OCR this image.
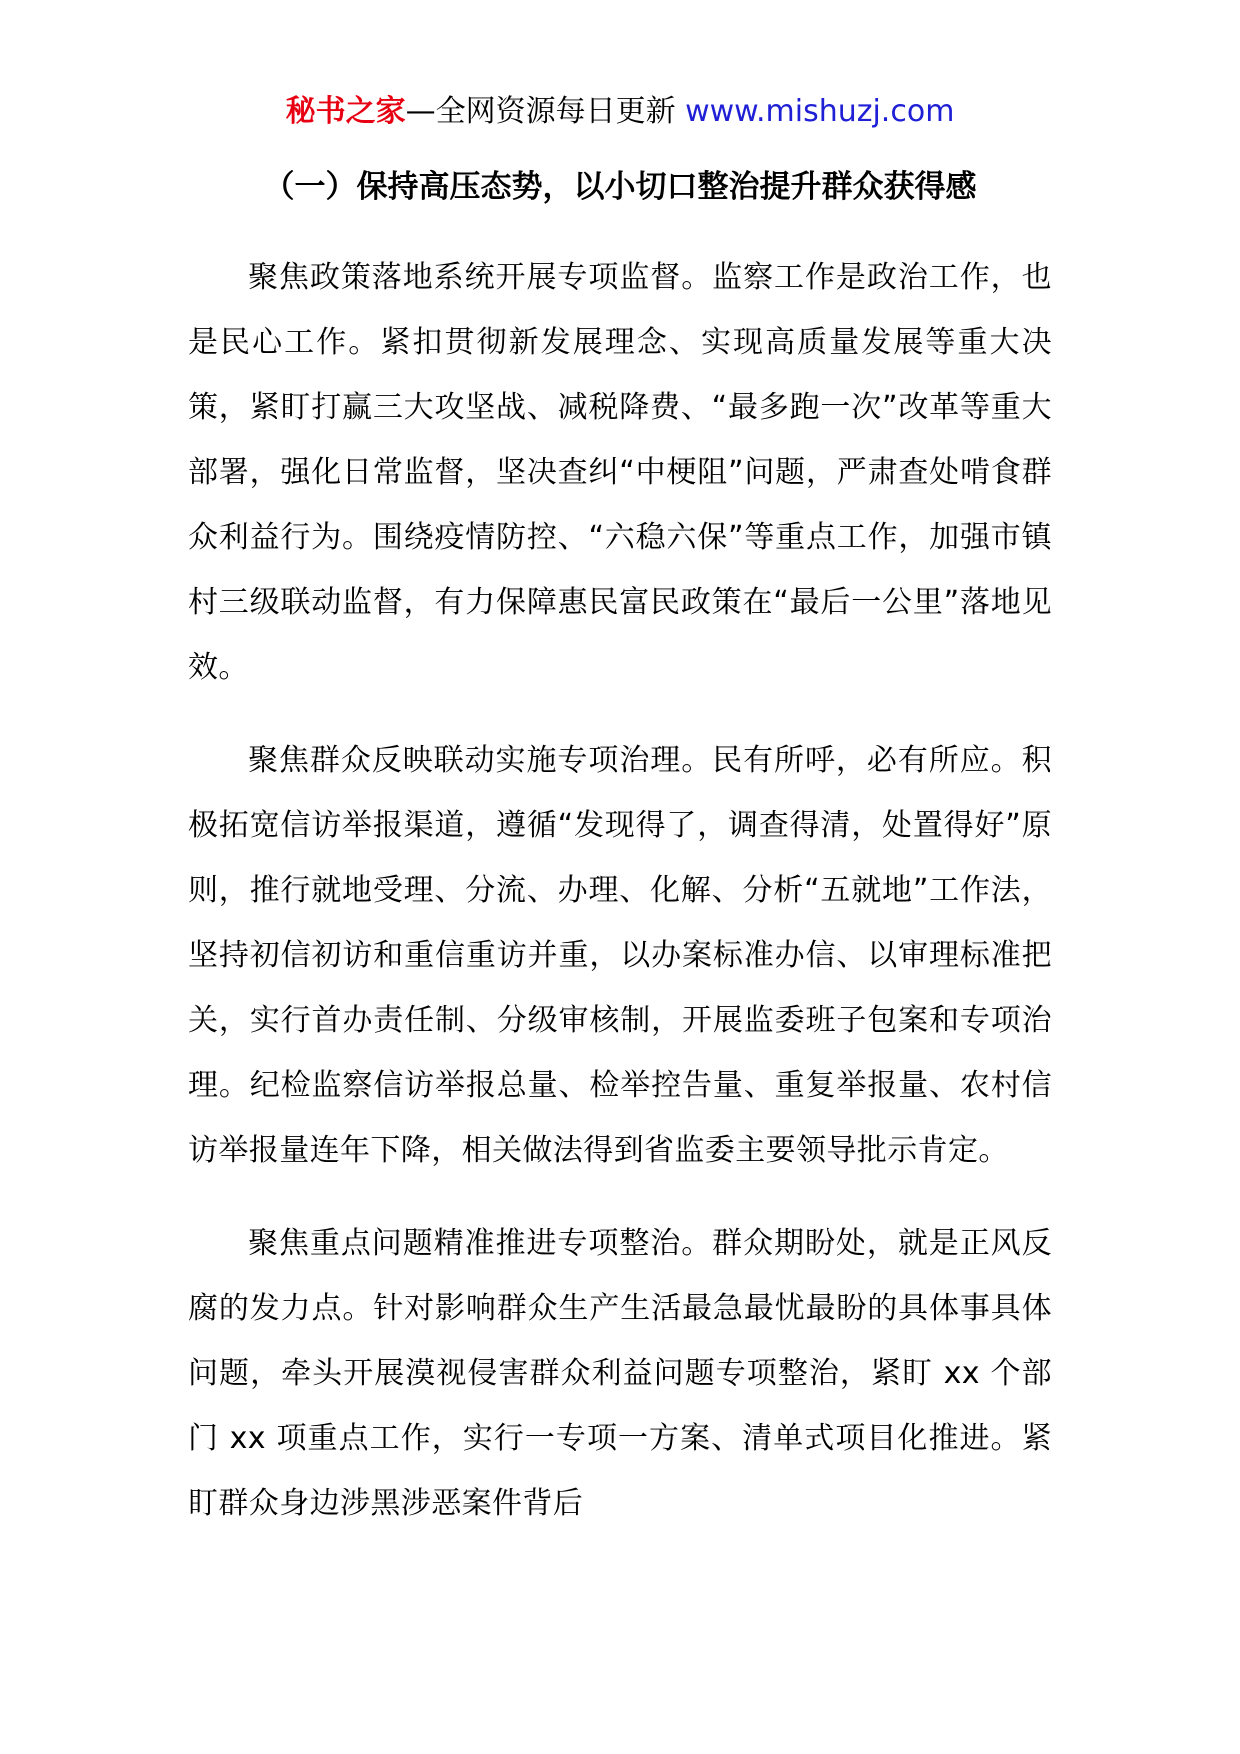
秘书之家—全网资源每日更新 www.mishuzj.com
（一）保持高压态势，以小切口整治提升群众获得感

聚焦政策落地系统开展专项监督。监察工作是政治工作，也是民心工作。紧扣贯彻新发展理念、实现高质量发展等重大决策，紧盯打赢三大攻坚战、减税降费、“最多跑一次”改革等重大部署，强化日常监督，坚决查纠“中梗阻”问题，严肃查处啃食群众利益行为。围绕疫情防控、“六稳六保”等重点工作，加强市镇村三级联动监督，有力保障惠民富民政策在“最后一公里”落地见效。

聚焦群众反映联动实施专项治理。民有所呼，必有所应。积极拓宽信访举报渠道，遵循“发现得了，调查得清，处置得好”原则，推行就地受理、分流、办理、化解、分析“五就地”工作法，坚持初信初访和重信重访并重，以办案标准办信、以审理标准把关，实行首办责任制、分级审核制，开展监委班子包案和专项治理。纪检监察信访举报总量、检举控告量、重复举报量、农村信访举报量连年下降，相关做法得到省监委主要领导批示肯定。

聚焦重点问题精准推进专项整治。群众期盼处，就是正风反腐的发力点。针对影响群众生产生活最急最忧最盼的具体事具体问题，牵头开展漠视侵害群众利益问题专项整治，紧盯 xx 个部门 xx 项重点工作，实行一专项一方案、清单式项目化推进。紧盯群众身边涉黑涉恶案件背后
